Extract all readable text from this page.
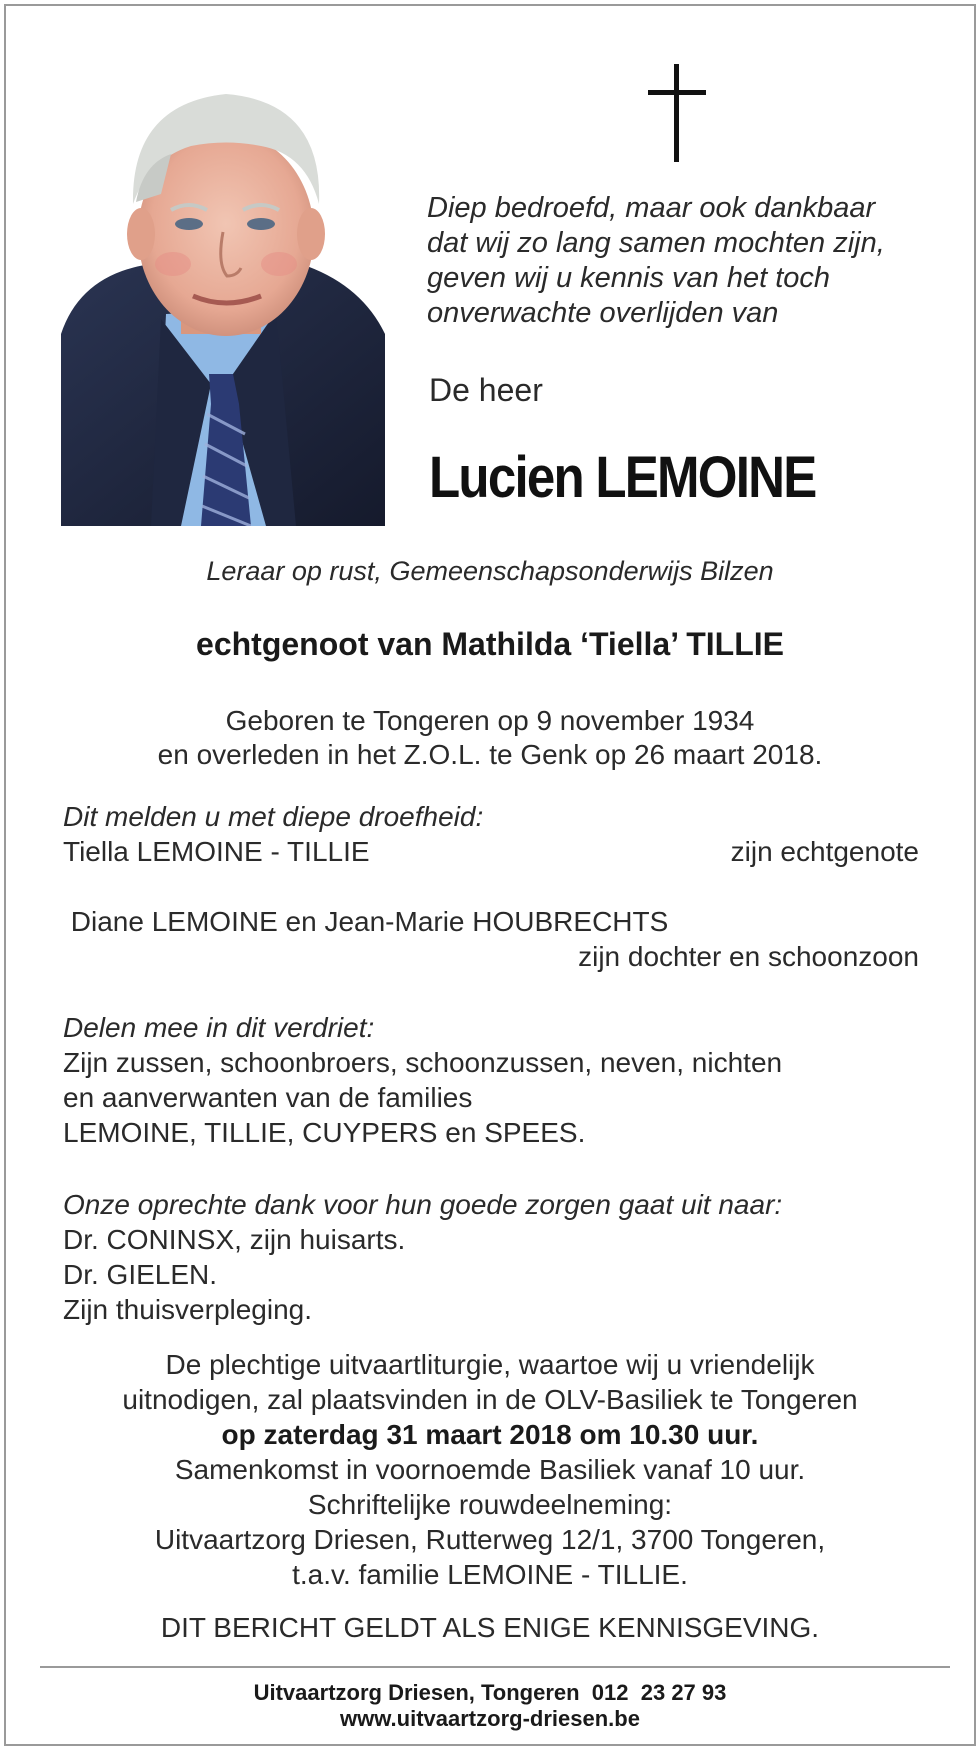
Diep bedroefd, maar ook dankbaar
dat wij zo lang samen mochten zijn,
geven wij u kennis van het toch
onverwachte overlijden van
De heer
Lucien LEMOINE
Leraar op rust, Gemeenschapsonderwijs Bilzen
echtgenoot van Mathilda ‘Tiella’ TILLIE
Geboren te Tongeren op 9 november 1934
en overleden in het Z.O.L. te Genk op 26 maart 2018.
Dit melden u met diepe droefheid:
Tiella LEMOINE - TILLIE	zijn echtgenote
Diane LEMOINE en Jean-Marie HOUBRECHTS
zijn dochter en schoonzoon
Delen mee in dit verdriet:
Zijn zussen, schoonbroers, schoonzussen, neven, nichten
en aanverwanten van de families
LEMOINE, TILLIE, CUYPERS en SPEES.
Onze oprechte dank voor hun goede zorgen gaat uit naar:
Dr. CONINSX, zijn huisarts.
Dr. GIELEN.
Zijn thuisverpleging.
De plechtige uitvaartliturgie, waartoe wij u vriendelijk
uitnodigen, zal plaatsvinden in de OLV-Basiliek te Tongeren
op zaterdag 31 maart 2018 om 10.30 uur.
Samenkomst in voornoemde Basiliek vanaf 10 uur.
Schriftelijke rouwdeelneming:
Uitvaartzorg Driesen, Rutterweg 12/1, 3700 Tongeren,
t.a.v. familie LEMOINE - TILLIE.
DIT BERICHT GELDT ALS ENIGE KENNISGEVING.
Uitvaartzorg Driesen, Tongeren  012  23 27 93
www.uitvaartzorg-driesen.be
